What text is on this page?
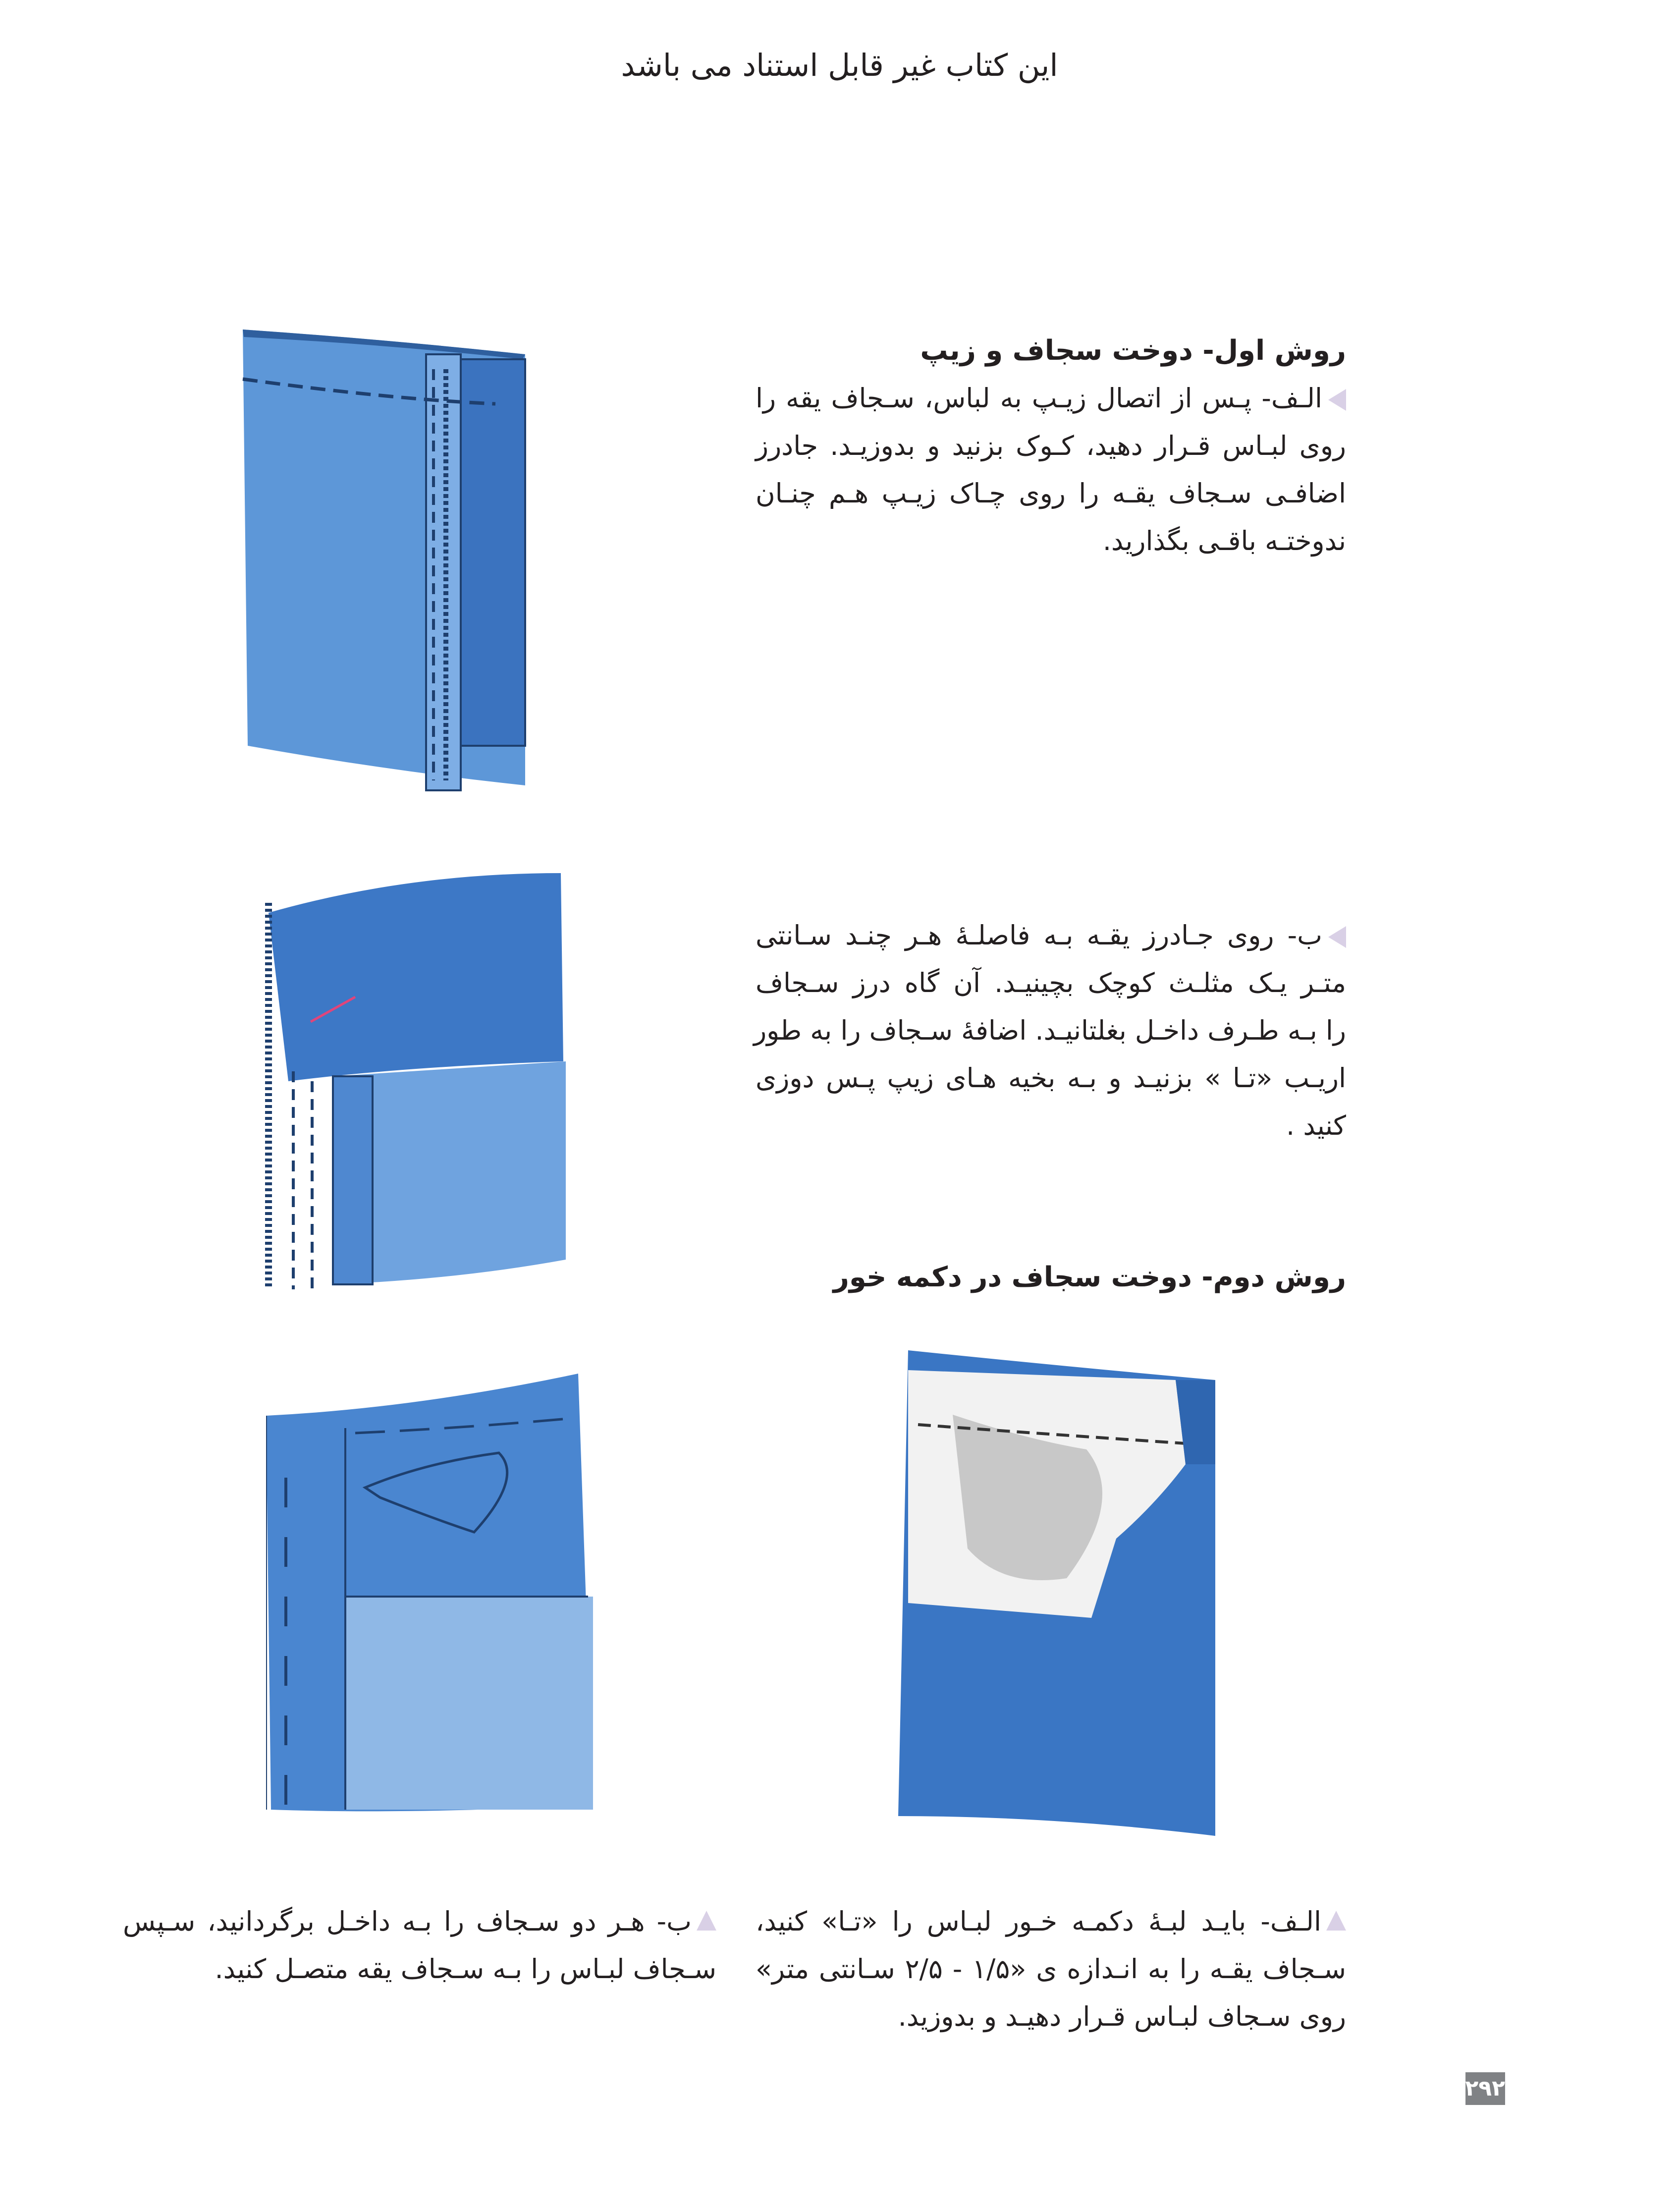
این کتاب غیر قابل استناد می باشد
روش اول- دوخت سجاف و زیپ
الـف- پـس از اتصال زیـپ به لباس، سـجاف یقه را
روی لبـاس قـرار دهید، کـوک بزنید و بدوزیـد. جادرز
اضافـی سـجاف یقـه را روی چـاک زیـپ هـم چنـان
ندوختـه باقـی بگذارید.
ب- روی جـادرز یقـه بـه فاصلـهٔ هـر چنـد سـانتی
متـر یـک مثلـث کوچک بچینیـد. آن گاه درز سـجاف
را بـه طـرف داخـل بغلتانیـد. اضافهٔ سـجاف را به طور
اریـب «تـا » بزنیـد و بـه بخیه هـای زیپ پـس دوزی
کنید .
روش دوم- دوخت سجاف در دکمه خور
الـف- بایـد لبـهٔ دکمـه خـور لبـاس را «تـا» کنید،
سـجاف یقـه را به انـدازه ی «۱/۵ - ۲/۵ سـانتی متر»
روی سـجاف لبـاس قـرار دهیـد و بدوزید.
ب- هـر دو سـجاف را بـه داخـل برگردانید، سـپس
سـجاف لبـاس را بـه سـجاف یقه متصـل کنید.
۲۹۲
